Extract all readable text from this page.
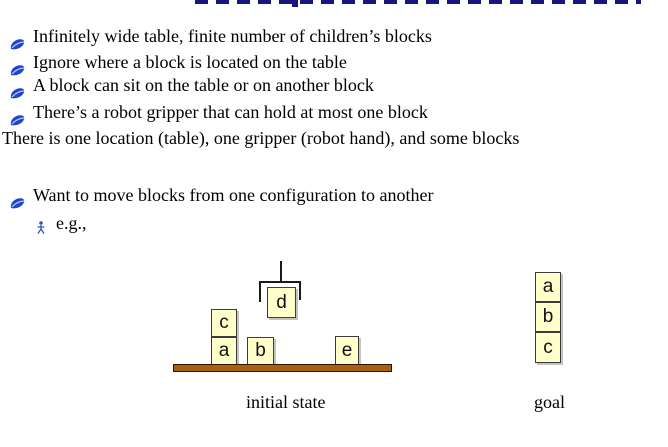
Infinitely wide table, finite number of children’s blocks
Ignore where a block is located on the table
A block can sit on the table or on another block
There’s a robot gripper that can hold at most one block
There is one location (table), one gripper (robot hand), and some blocks
Want to move blocks from one configuration to another
e.g.,
d
c
a	b	e
a
b
c
initial state	goal
